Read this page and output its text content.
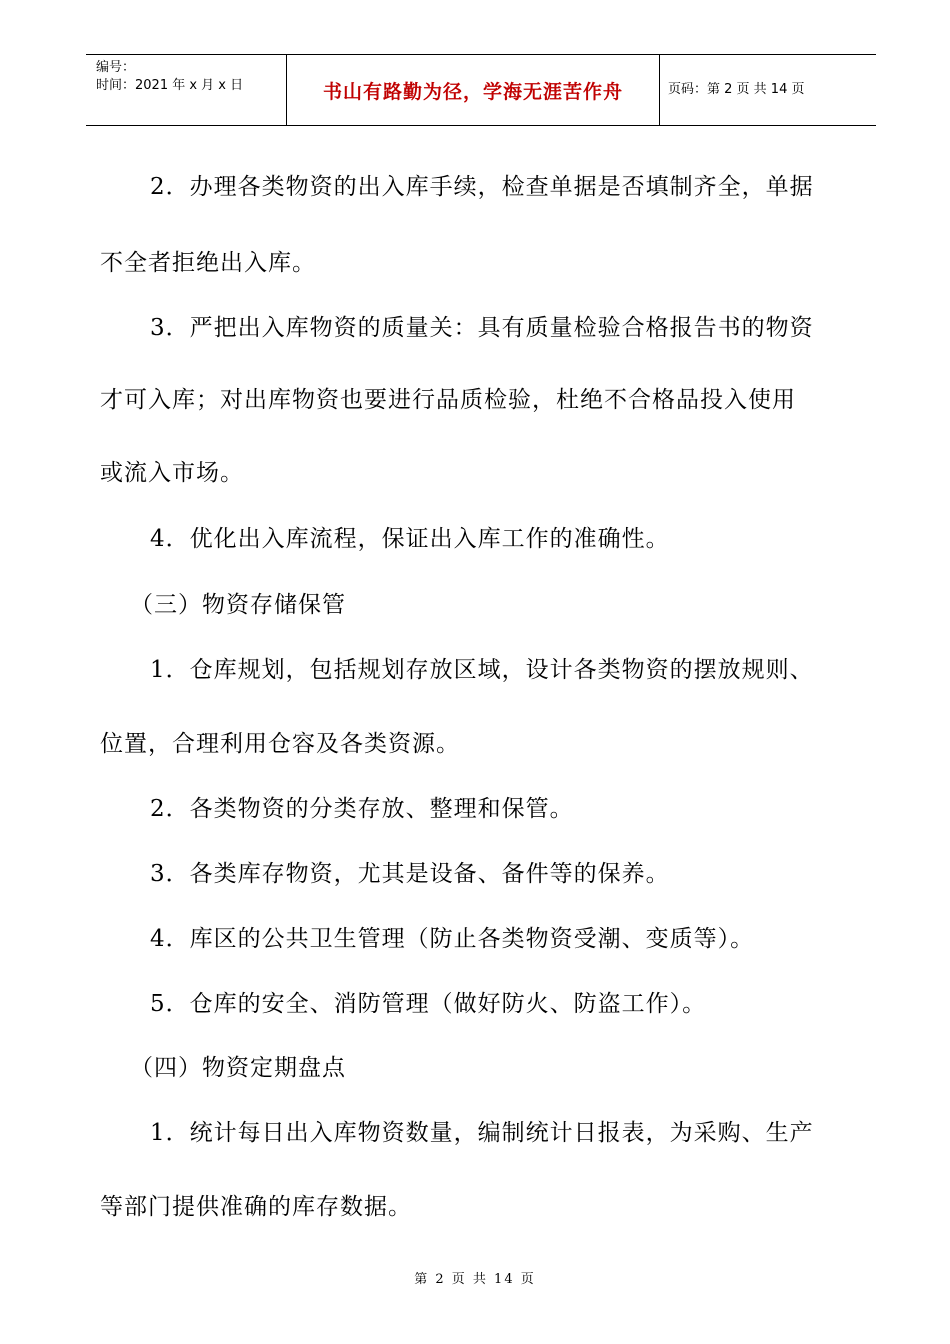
编号：
时间：2021 年 x 月 x 日	书山有路勤为径，学海无涯苦作舟	页码：第 2 页 共 14 页
2．办理各类物资的出入库手续，检查单据是否填制齐全，单据
不全者拒绝出入库。
3．严把出入库物资的质量关：具有质量检验合格报告书的物资
才可入库；对出库物资也要进行品质检验，杜绝不合格品投入使用
或流入市场。
4．优化出入库流程，保证出入库工作的准确性。
（三）物资存储保管
1．仓库规划，包括规划存放区域，设计各类物资的摆放规则、
位置，合理利用仓容及各类资源。
2．各类物资的分类存放、整理和保管。
3．各类库存物资，尤其是设备、备件等的保养。
4．库区的公共卫生管理（防止各类物资受潮、变质等）。
5．仓库的安全、消防管理（做好防火、防盗工作）。
（四）物资定期盘点
1．统计每日出入库物资数量，编制统计日报表，为采购、生产
等部门提供准确的库存数据。
第 2 页 共 14 页
